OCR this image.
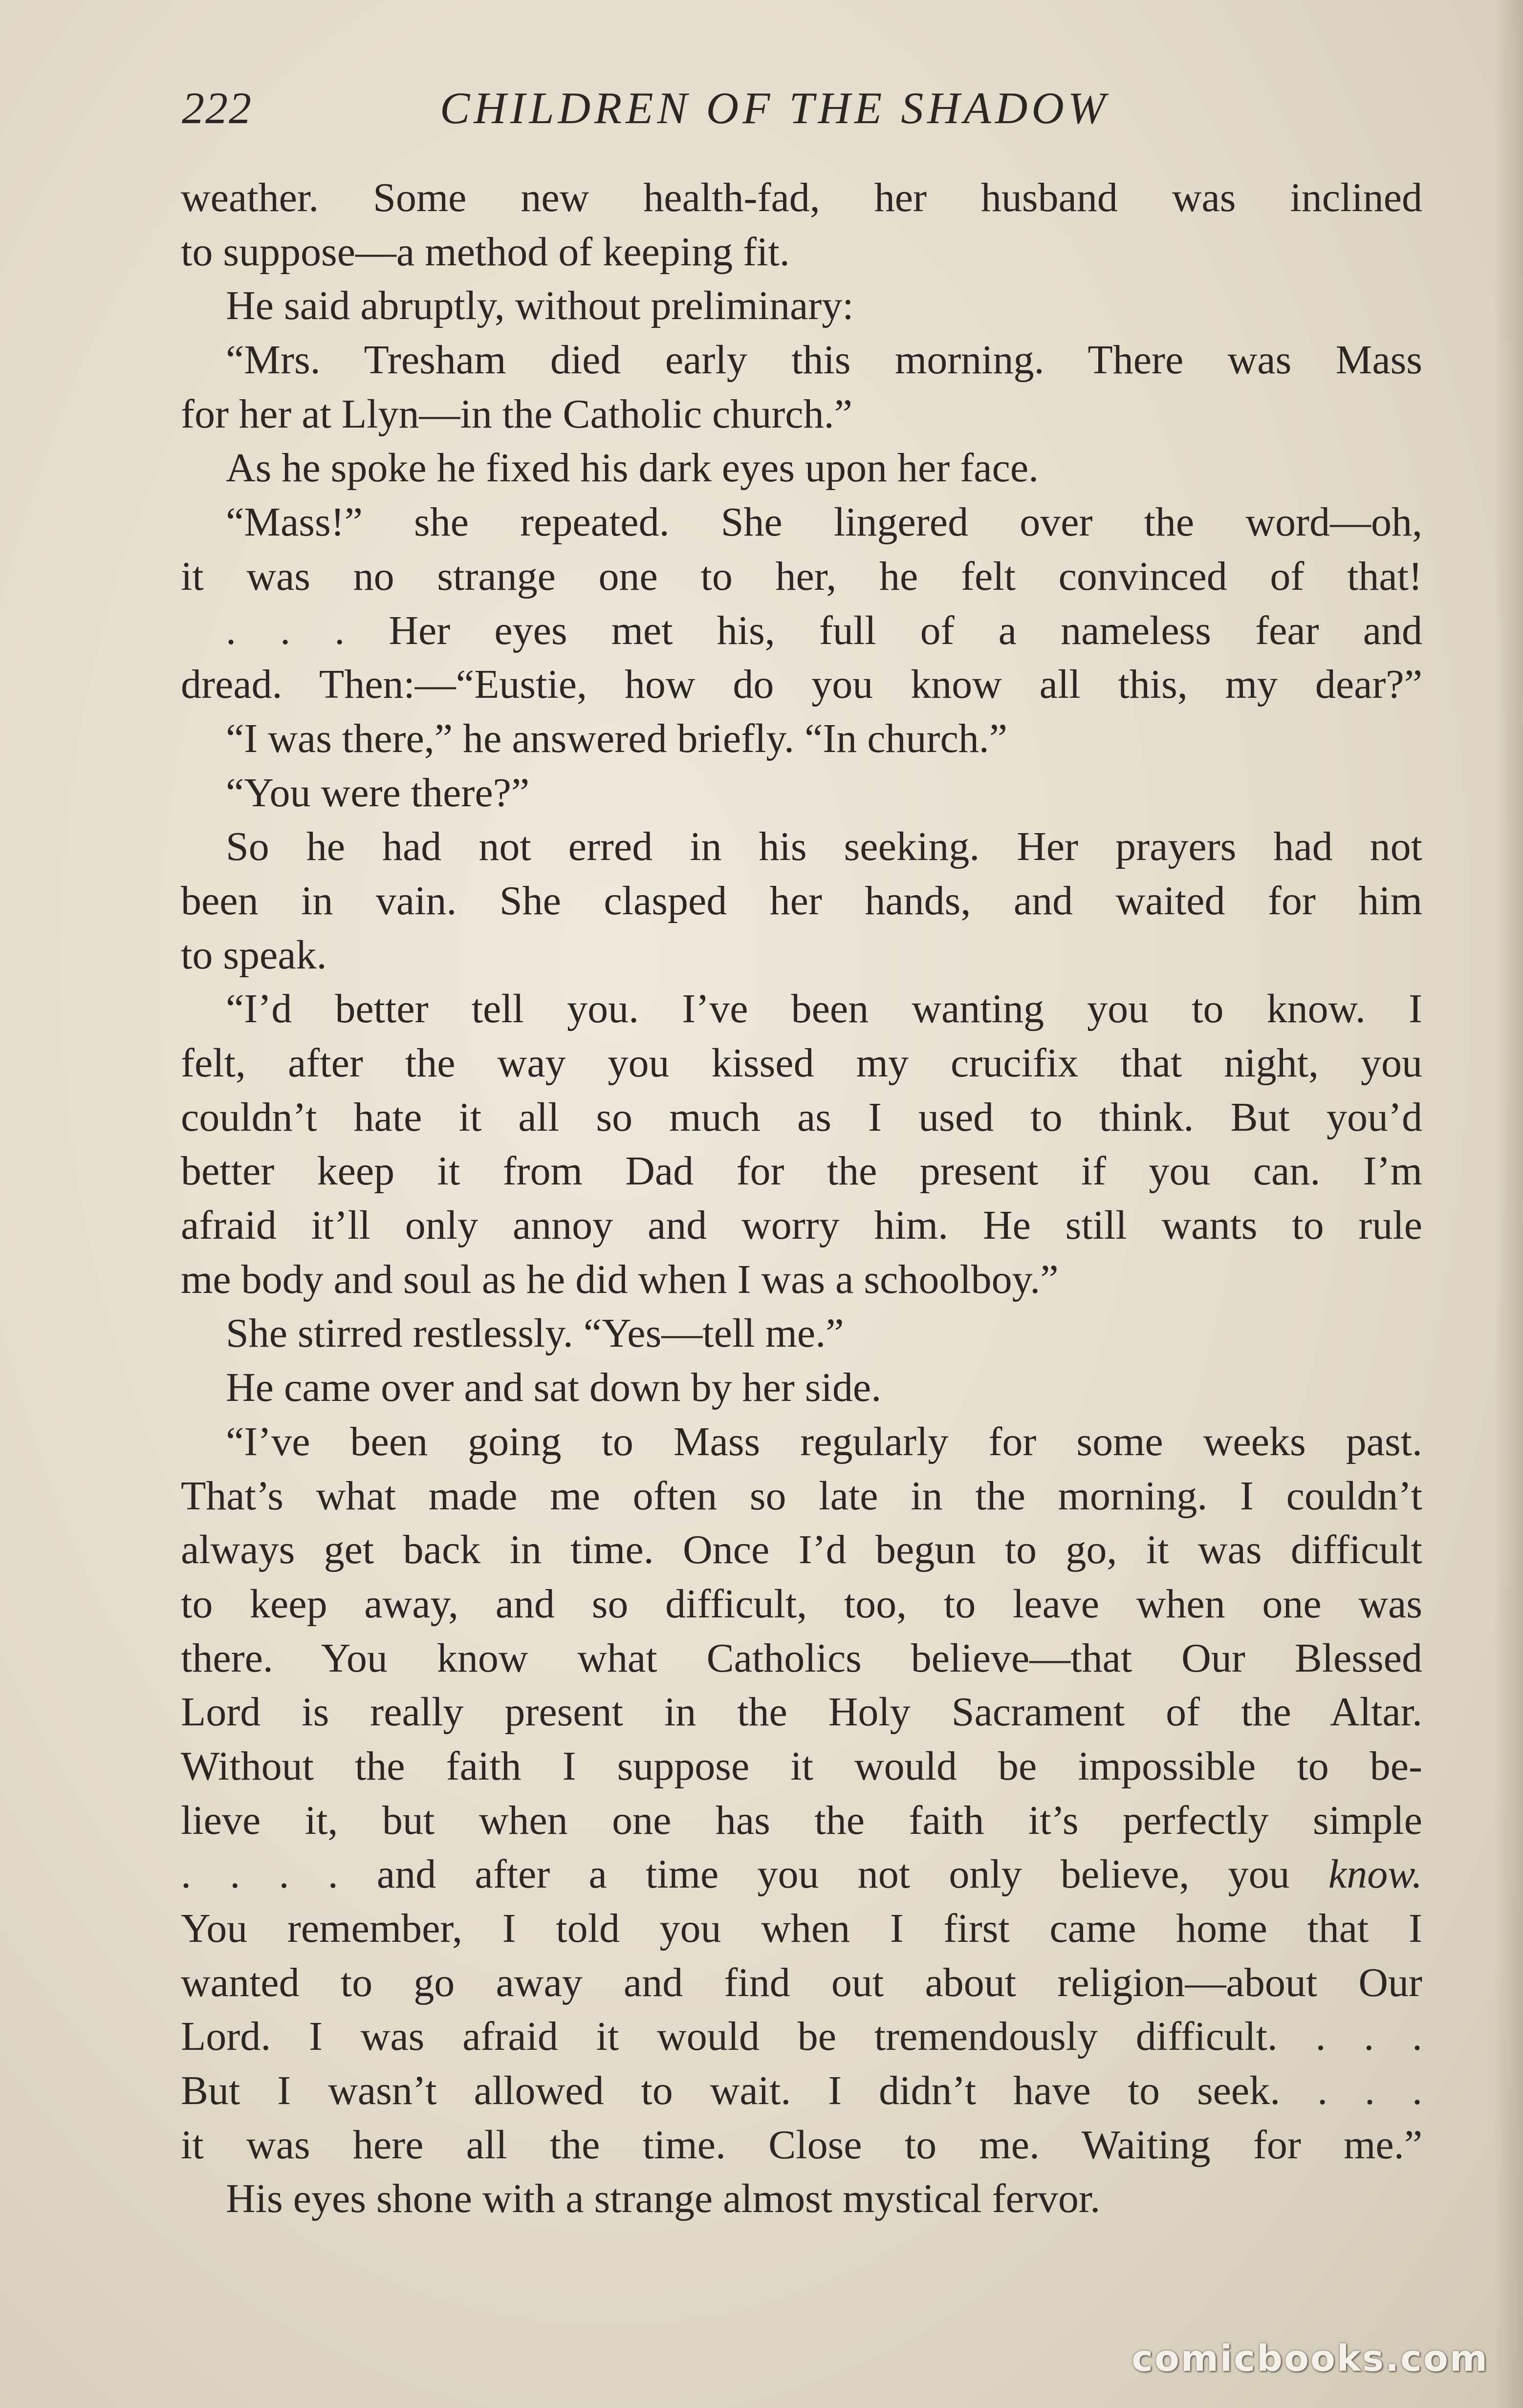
222	CHILDREN OF THE SHADOW
weather. Some new health-fad, her husband was inclined
to suppose—a method of keeping fit.
He said abruptly, without preliminary:
“Mrs. Tresham died early this morning. There was Mass
for her at Llyn—in the Catholic church.”
As he spoke he fixed his dark eyes upon her face.
“Mass!” she repeated. She lingered over the word—oh,
it was no strange one to her, he felt convinced of that!
. . . Her eyes met his, full of a nameless fear and
dread. Then:—“Eustie, how do you know all this, my dear?”
“I was there,” he answered briefly. “In church.”
“You were there?”
So he had not erred in his seeking. Her prayers had not
been in vain. She clasped her hands, and waited for him
to speak.
“I’d better tell you. I’ve been wanting you to know. I
felt, after the way you kissed my crucifix that night, you
couldn’t hate it all so much as I used to think. But you’d
better keep it from Dad for the present if you can. I’m
afraid it’ll only annoy and worry him. He still wants to rule
me body and soul as he did when I was a schoolboy.”
She stirred restlessly. “Yes—tell me.”
He came over and sat down by her side.
“I’ve been going to Mass regularly for some weeks past.
That’s what made me often so late in the morning. I couldn’t
always get back in time. Once I’d begun to go, it was difficult
to keep away, and so difficult, too, to leave when one was
there. You know what Catholics believe—that Our Blessed
Lord is really present in the Holy Sacrament of the Altar.
Without the faith I suppose it would be impossible to be-
lieve it, but when one has the faith it’s perfectly simple
. . . . and after a time you not only believe, you know.
You remember, I told you when I first came home that I
wanted to go away and find out about religion—about Our
Lord. I was afraid it would be tremendously difficult. . . .
But I wasn’t allowed to wait. I didn’t have to seek. . . .
it was here all the time. Close to me. Waiting for me.”
His eyes shone with a strange almost mystical fervor.
comicbooks.com
